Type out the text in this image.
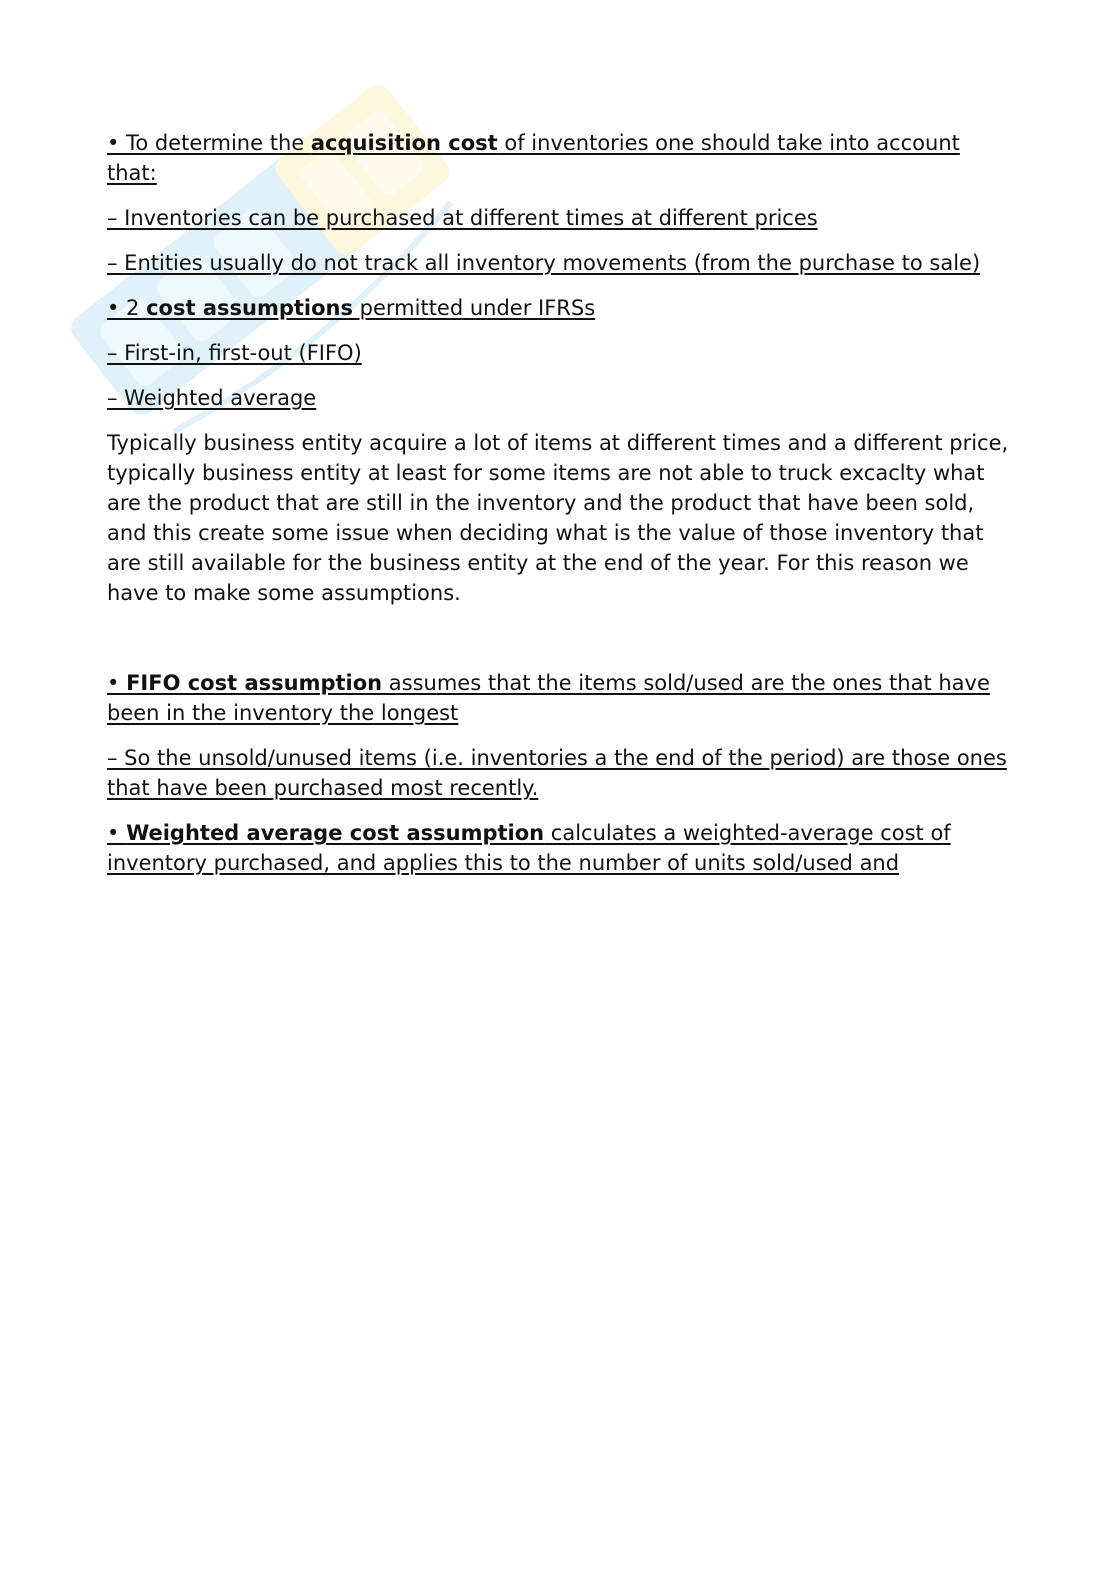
• To determine the acquisition cost of inventories one should take into account that:
– Inventories can be purchased at different times at different prices
– Entities usually do not track all inventory movements (from the purchase to sale)
• 2 cost assumptions permitted under IFRSs
– First-in, first-out (FIFO)
– Weighted average
Typically business entity acquire a lot of items at different times and a different price, typically business entity at least for some items are not able to truck excaclty what are the product that are still in the inventory and the product that have been sold, and this create some issue when deciding what is the value of those inventory that are still available for the business entity at the end of the year. For this reason we have to make some assumptions.
• FIFO cost assumption assumes that the items sold/used are the ones that have been in the inventory the longest
– So the unsold/unused items (i.e. inventories a the end of the period) are those ones that have been purchased most recently.
• Weighted average cost assumption calculates a weighted-average cost of inventory purchased, and applies this to the number of units sold/used and
